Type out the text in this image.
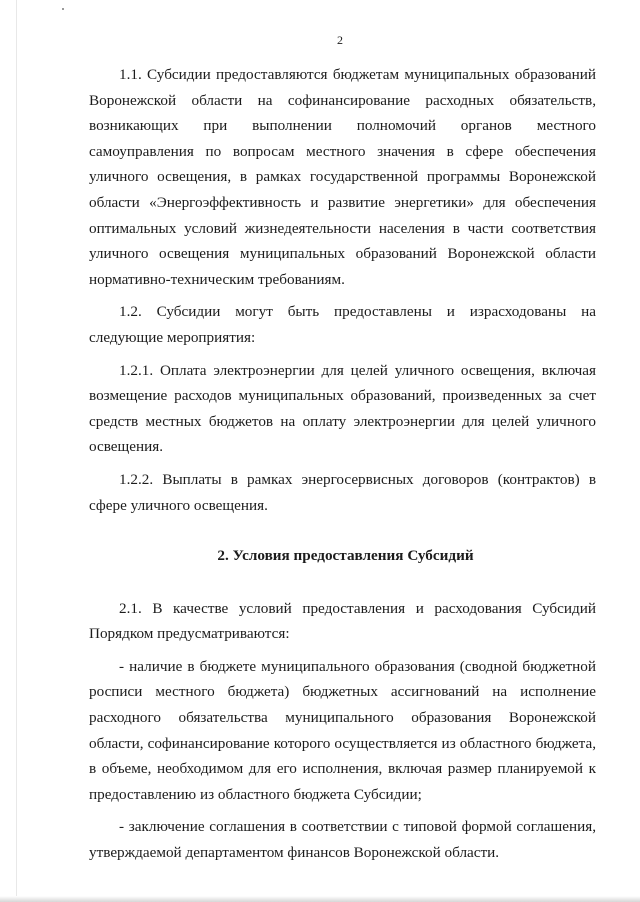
2

1.1. Субсидии предоставляются бюджетам муниципальных образований Воронежской области на софинансирование расходных обязательств, возникающих при выполнении полномочий органов местного самоуправления по вопросам местного значения в сфере обеспечения уличного освещения, в рамках государственной программы Воронежской области «Энергоэффективность и развитие энергетики» для обеспечения оптимальных условий жизнедеятельности населения в части соответствия уличного освещения муниципальных образований Воронежской области нормативно-техническим требованиям.

1.2. Субсидии могут быть предоставлены и израсходованы на следующие мероприятия:

1.2.1. Оплата электроэнергии для целей уличного освещения, включая возмещение расходов муниципальных образований, произведенных за счет средств местных бюджетов на оплату электроэнергии для целей уличного освещения.

1.2.2. Выплаты в рамках энергосервисных договоров (контрактов) в сфере уличного освещения.

2. Условия предоставления Субсидий

2.1. В качестве условий предоставления и расходования Субсидий Порядком предусматриваются:

- наличие в бюджете муниципального образования (сводной бюджетной росписи местного бюджета) бюджетных ассигнований на исполнение расходного обязательства муниципального образования Воронежской области, софинансирование которого осуществляется из областного бюджета, в объеме, необходимом для его исполнения, включая размер планируемой к предоставлению из областного бюджета Субсидии;

- заключение соглашения в соответствии с типовой формой соглашения, утверждаемой департаментом финансов Воронежской области.
